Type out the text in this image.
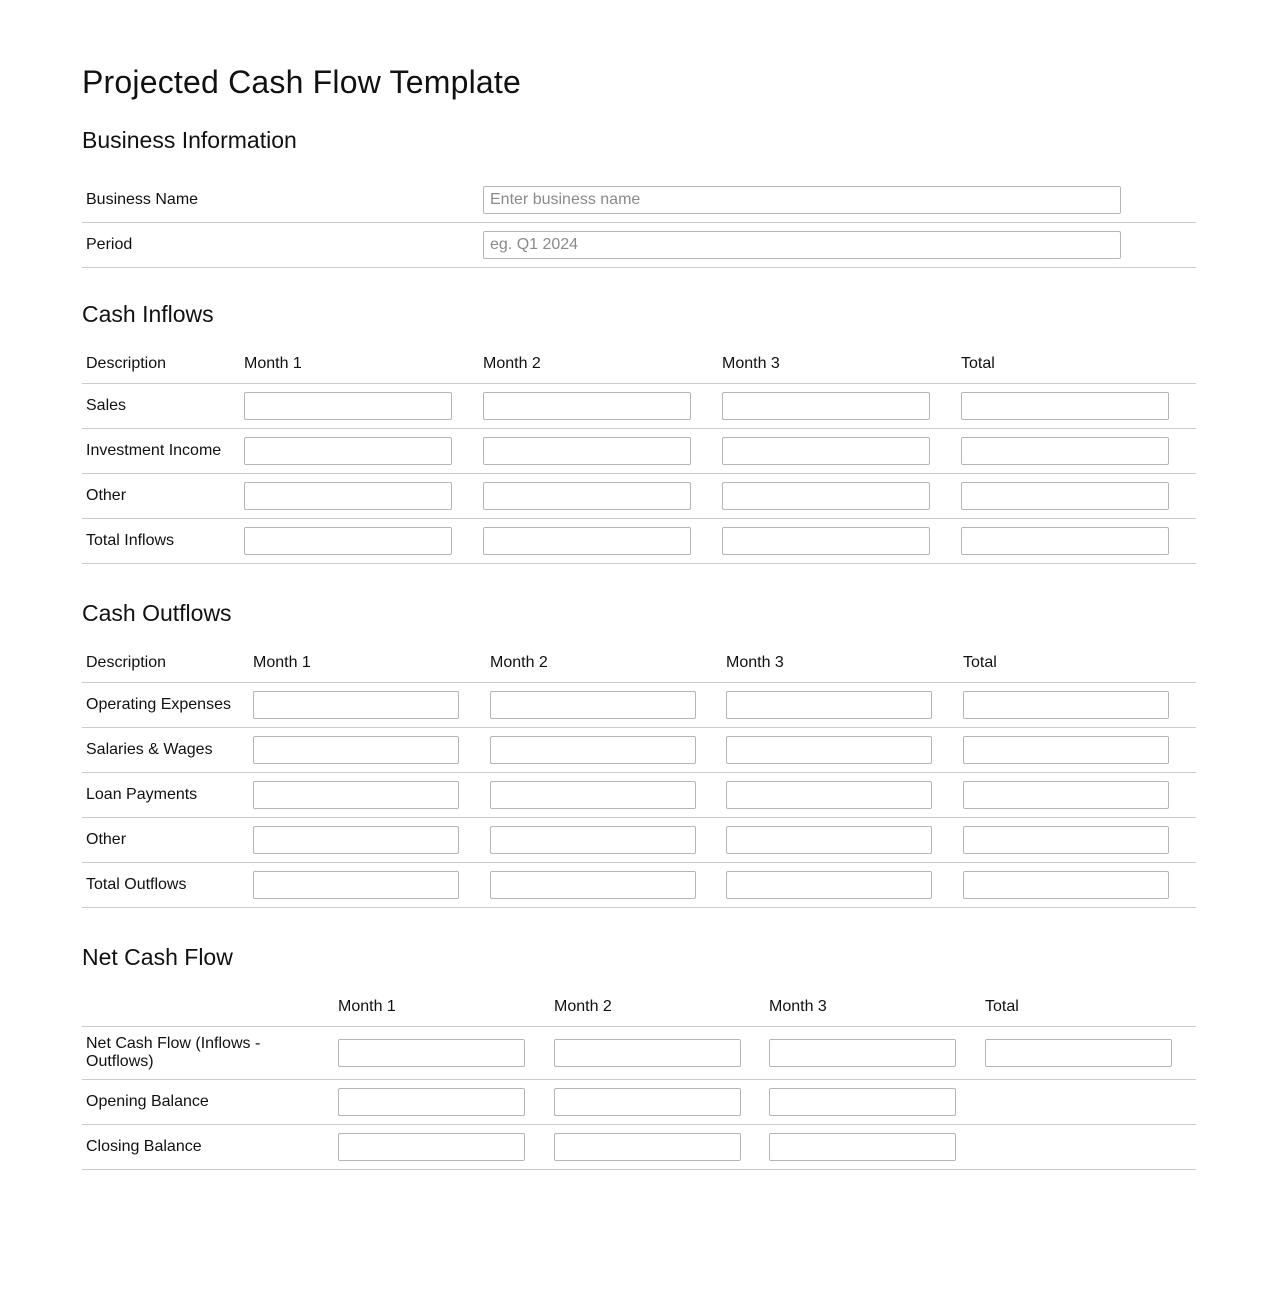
Projected Cash Flow Template
Business Information
Business Name	Enter business name
Period	eg. Q1 2024
Cash Inflows
Description	Month 1	Month 2	Month 3	Total
Sales				
Investment Income				
Other				
Total Inflows				
Cash Outflows
Description	Month 1	Month 2	Month 3	Total
Operating Expenses				
Salaries & Wages				
Loan Payments				
Other				
Total Outflows				
Net Cash Flow
	Month 1	Month 2	Month 3	Total
Net Cash Flow (Inflows - Outflows)				
Opening Balance				
Closing Balance				
